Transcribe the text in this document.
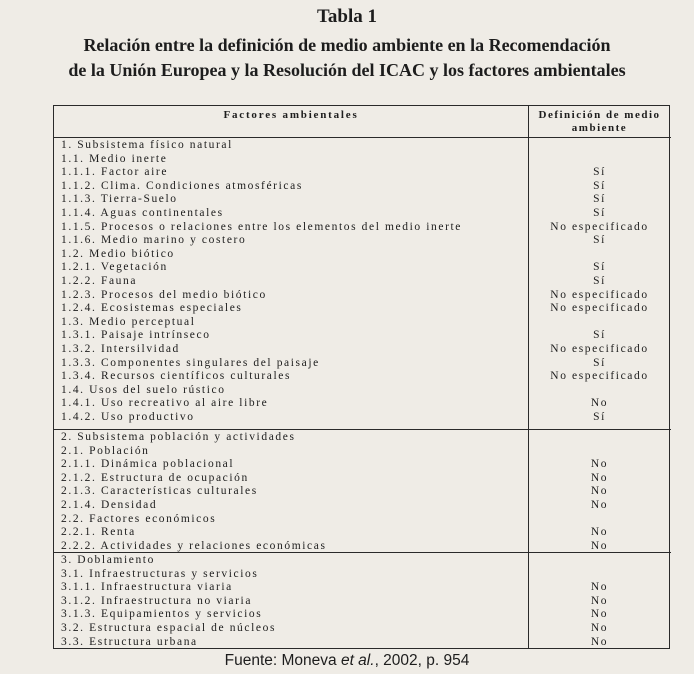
Tabla 1
Relación entre la definición de medio ambiente en la Recomendación
de la Unión Europea y la Resolución del ICAC y los factores ambientales
Factores ambientales	Definición de medio ambiente
1. Subsistema físico natural
1.1. Medio inerte
1.1.1. Factor aire	Sí
1.1.2. Clima. Condiciones atmosféricas	Sí
1.1.3. Tierra-Suelo	Sí
1.1.4. Aguas continentales	Sí
1.1.5. Procesos o relaciones entre los elementos del medio inerte	No especificado
1.1.6. Medio marino y costero	Sí
1.2. Medio biótico
1.2.1. Vegetación	Sí
1.2.2. Fauna	Sí
1.2.3. Procesos del medio biótico	No especificado
1.2.4. Ecosistemas especiales	No especificado
1.3. Medio perceptual
1.3.1. Paisaje intrínseco	Sí
1.3.2. Intersilvidad	No especificado
1.3.3. Componentes singulares del paisaje	Sí
1.3.4. Recursos científicos culturales	No especificado
1.4. Usos del suelo rústico
1.4.1. Uso recreativo al aire libre	No
1.4.2. Uso productivo	Sí
2. Subsistema población y actividades
2.1. Población
2.1.1. Dinámica poblacional	No
2.1.2. Estructura de ocupación	No
2.1.3. Características culturales	No
2.1.4. Densidad	No
2.2. Factores económicos
2.2.1. Renta	No
2.2.2. Actividades y relaciones económicas	No
3. Doblamiento
3.1. Infraestructuras y servicios
3.1.1. Infraestructura viaria	No
3.1.2. Infraestructura no viaria	No
3.1.3. Equipamientos y servicios	No
3.2. Estructura espacial de núcleos	No
3.3. Estructura urbana	No
Fuente: Moneva et al., 2002, p. 954
